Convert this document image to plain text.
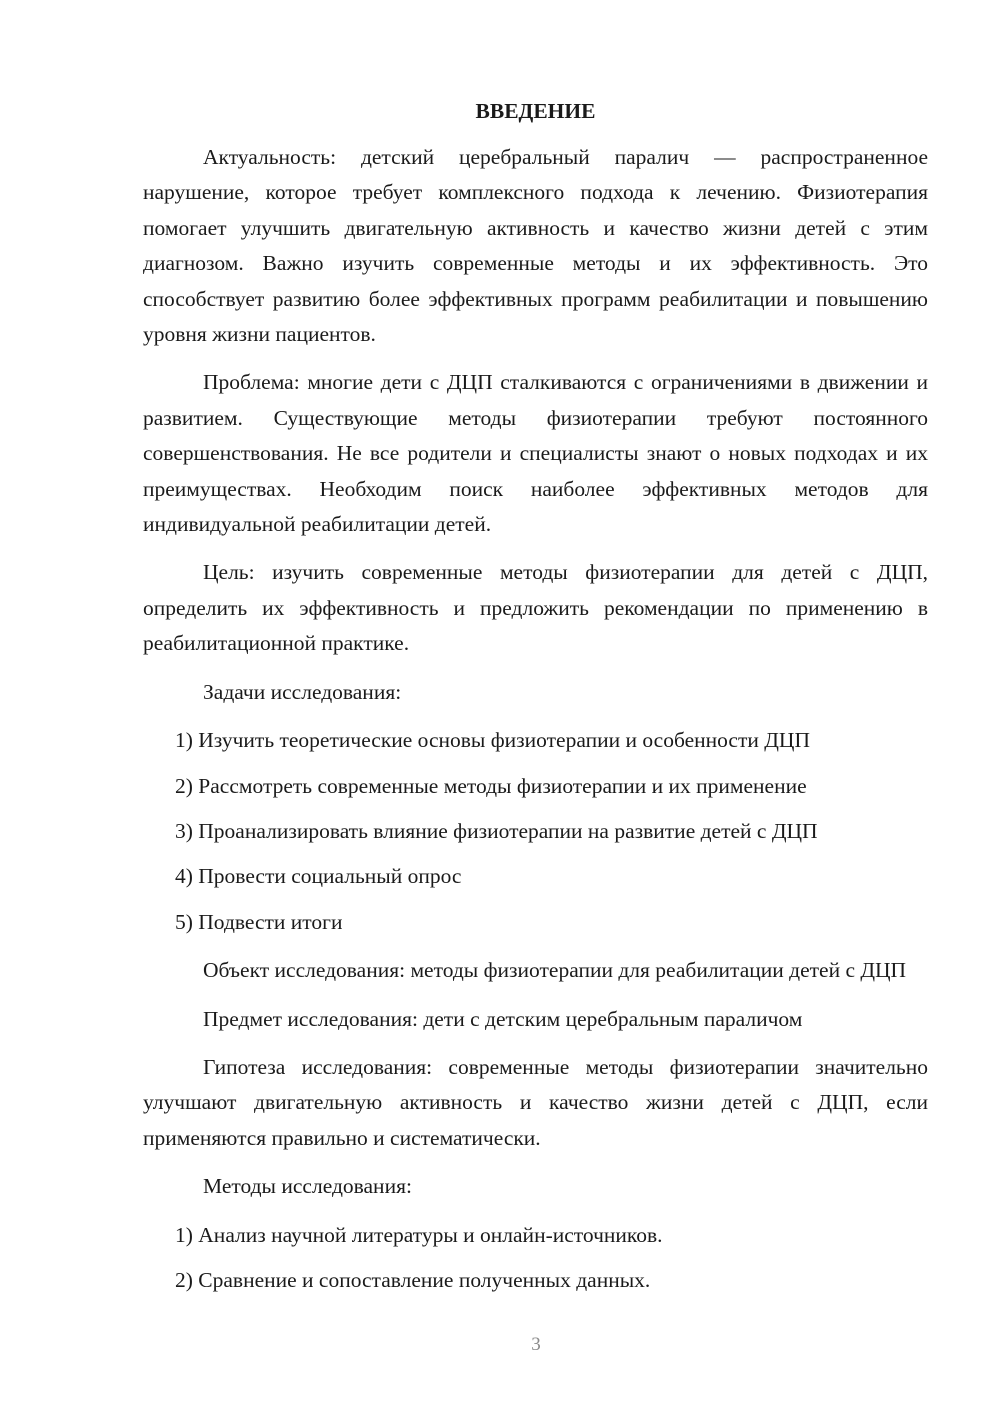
ВВЕДЕНИЕ

Актуальность: детский церебральный паралич — распространенное нарушение, которое требует комплексного подхода к лечению. Физиотерапия помогает улучшить двигательную активность и качество жизни детей с этим диагнозом. Важно изучить современные методы и их эффективность. Это способствует развитию более эффективных программ реабилитации и повышению уровня жизни пациентов.

Проблема: многие дети с ДЦП сталкиваются с ограничениями в движении и развитием. Существующие методы физиотерапии требуют постоянного совершенствования. Не все родители и специалисты знают о новых подходах и их преимуществах. Необходим поиск наиболее эффективных методов для индивидуальной реабилитации детей.

Цель: изучить современные методы физиотерапии для детей с ДЦП, определить их эффективность и предложить рекомендации по применению в реабилитационной практике.

Задачи исследования:
1) Изучить теоретические основы физиотерапии и особенности ДЦП
2) Рассмотреть современные методы физиотерапии и их применение
3) Проанализировать влияние физиотерапии на развитие детей с ДЦП
4) Провести социальный опрос
5) Подвести итоги

Объект исследования: методы физиотерапии для реабилитации детей с ДЦП

Предмет исследования: дети с детским церебральным параличом

Гипотеза исследования: современные методы физиотерапии значительно улучшают двигательную активность и качество жизни детей с ДЦП, если применяются правильно и систематически.

Методы исследования:
1) Анализ научной литературы и онлайн-источников.
2) Сравнение и сопоставление полученных данных.
3
